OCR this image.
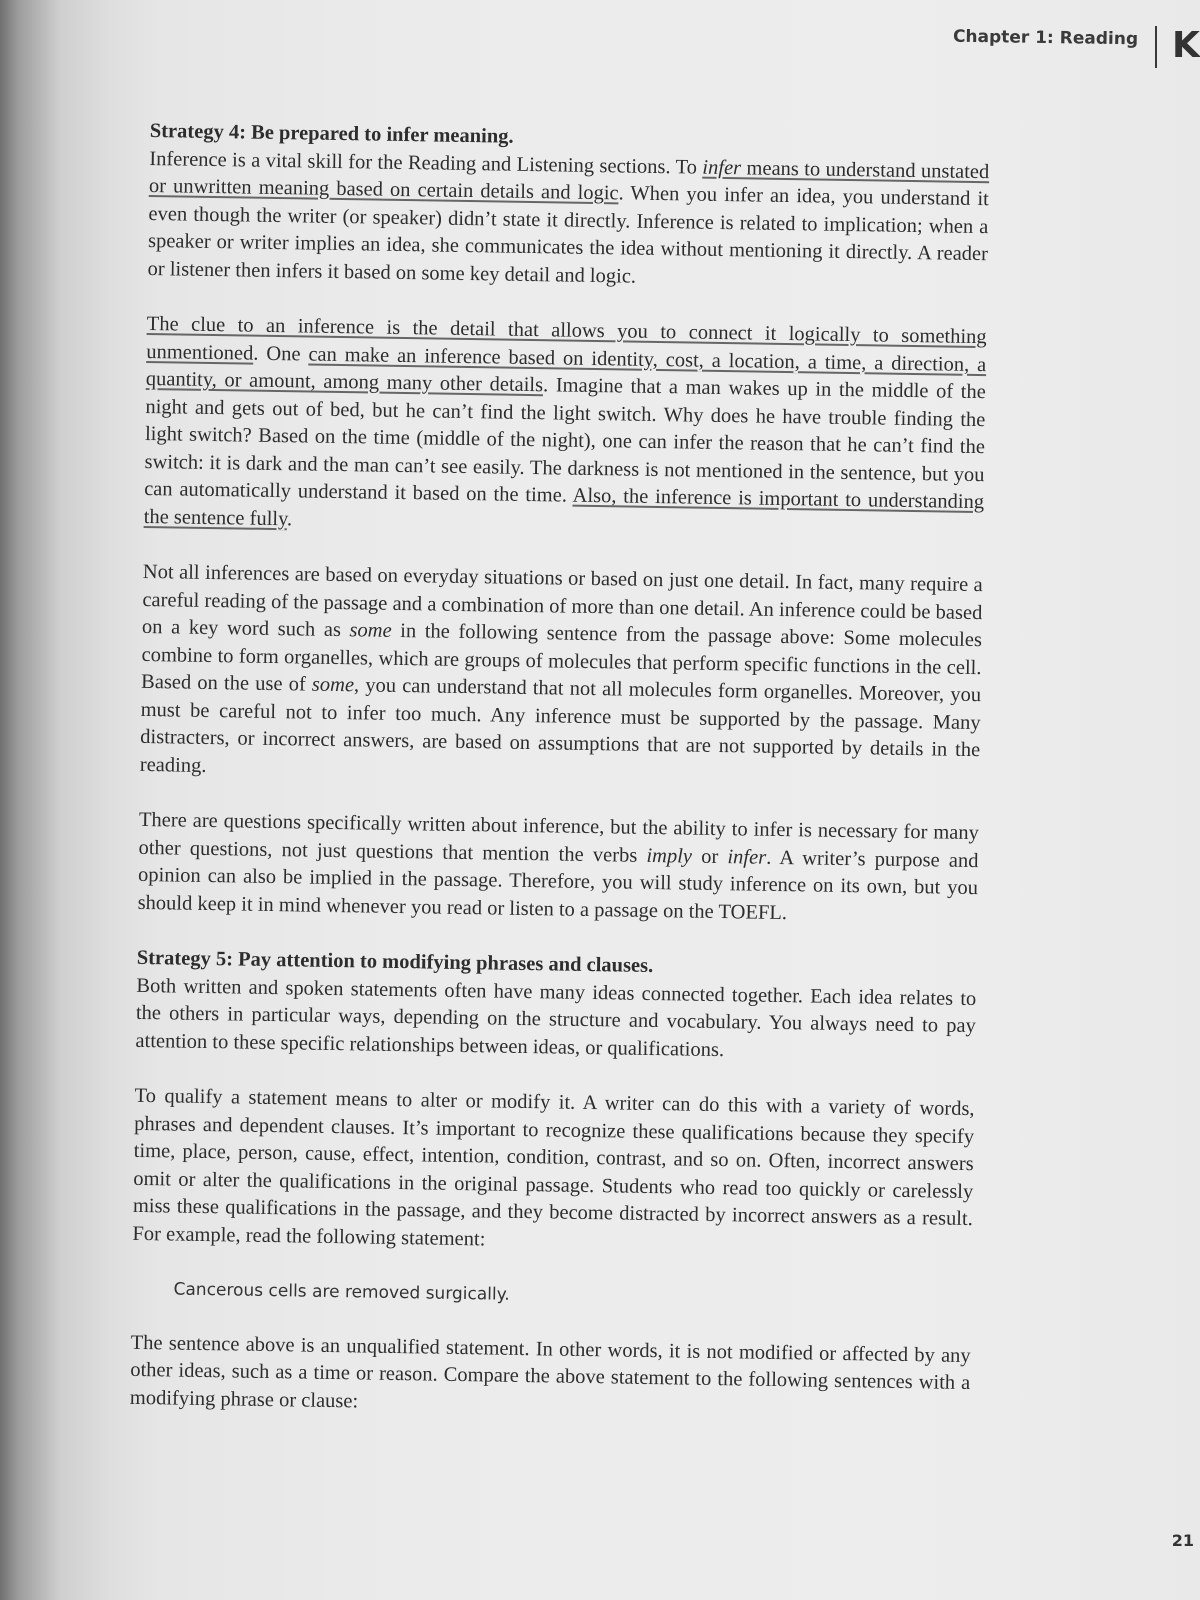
Chapter 1: Reading K
Strategy 4: Be prepared to infer meaning.

Inference is a vital skill for the Reading and Listening sections. To infer means to understand unstated or unwritten meaning based on certain details and logic. When you infer an idea, you understand it even though the writer (or speaker) didn’t state it directly. Inference is related to implication; when a speaker or writer implies an idea, she communicates the idea without mentioning it directly. A reader or listener then infers it based on some key detail and logic.

The clue to an inference is the detail that allows you to connect it logically to something unmentioned. One can make an inference based on identity, cost, a location, a time, a direction, a quantity, or amount, among many other details. Imagine that a man wakes up in the middle of the night and gets out of bed, but he can’t find the light switch. Why does he have trouble finding the light switch? Based on the time (middle of the night), one can infer the reason that he can’t find the switch: it is dark and the man can’t see easily. The darkness is not mentioned in the sentence, but you can automatically understand it based on the time. Also, the inference is important to understanding the sentence fully.

Not all inferences are based on everyday situations or based on just one detail. In fact, many require a careful reading of the passage and a combination of more than one detail. An inference could be based on a key word such as some in the following sentence from the passage above: Some molecules combine to form organelles, which are groups of molecules that perform specific functions in the cell. Based on the use of some, you can understand that not all molecules form organelles. Moreover, you must be careful not to infer too much. Any inference must be supported by the passage. Many distracters, or incorrect answers, are based on assumptions that are not supported by details in the reading.

There are questions specifically written about inference, but the ability to infer is necessary for many other questions, not just questions that mention the verbs imply or infer. A writer’s purpose and opinion can also be implied in the passage. Therefore, you will study inference on its own, but you should keep it in mind whenever you read or listen to a passage on the TOEFL.

Strategy 5: Pay attention to modifying phrases and clauses.

Both written and spoken statements often have many ideas connected together. Each idea relates to the others in particular ways, depending on the structure and vocabulary. You always need to pay attention to these specific relationships between ideas, or qualifications.

To qualify a statement means to alter or modify it. A writer can do this with a variety of words, phrases and dependent clauses. It’s important to recognize these qualifications because they specify time, place, person, cause, effect, intention, condition, contrast, and so on. Often, incorrect answers omit or alter the qualifications in the original passage. Students who read too quickly or carelessly miss these qualifications in the passage, and they become distracted by incorrect answers as a result. For example, read the following statement:

Cancerous cells are removed surgically.

The sentence above is an unqualified statement. In other words, it is not modified or affected by any other ideas, such as a time or reason. Compare the above statement to the following sentences with a modifying phrase or clause:

21
